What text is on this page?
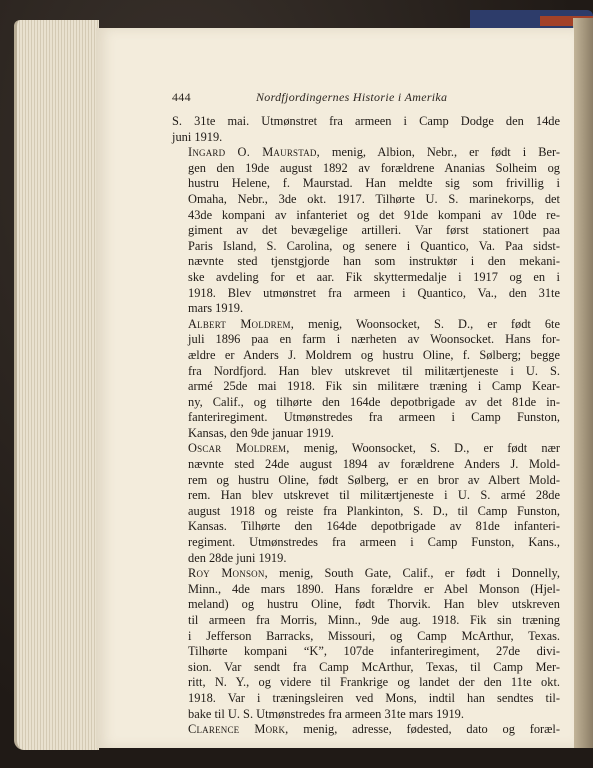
444	Nordfjordingernes Historie i Amerika

S. 31te mai. Utmønstret fra armeen i Camp Dodge den 14de
juni 1919.

Ingard O. Maurstad, menig, Albion, Nebr., er født i Ber-
gen den 19de august 1892 av forældrene Ananias Solheim og
hustru Helene, f. Maurstad. Han meldte sig som frivillig i
Omaha, Nebr., 3de okt. 1917. Tilhørte U. S. marinekorps, det
43de kompani av infanteriet og det 91de kompani av 10de re-
giment av det bevægelige artilleri. Var først stationert paa
Paris Island, S. Carolina, og senere i Quantico, Va. Paa sidst-
nævnte sted tjenstgjorde han som instruktør i den mekani-
ske avdeling for et aar. Fik skyttermedalje i 1917 og en i
1918. Blev utmønstret fra armeen i Quantico, Va., den 31te
mars 1919.

Albert Moldrem, menig, Woonsocket, S. D., er født 6te
juli 1896 paa en farm i nærheten av Woonsocket. Hans for-
ældre er Anders J. Moldrem og hustru Oline, f. Sølberg; begge
fra Nordfjord. Han blev utskrevet til militærtjeneste i U. S.
armé 25de mai 1918. Fik sin militære træning i Camp Kear-
ny, Calif., og tilhørte den 164de depotbrigade av det 81de in-
fanteriregiment. Utmønstredes fra armeen i Camp Funston,
Kansas, den 9de januar 1919.

Oscar Moldrem, menig, Woonsocket, S. D., er født nær
nævnte sted 24de august 1894 av forældrene Anders J. Mold-
rem og hustru Oline, født Sølberg, er en bror av Albert Mold-
rem. Han blev utskrevet til militærtjeneste i U. S. armé 28de
august 1918 og reiste fra Plankinton, S. D., til Camp Funston,
Kansas. Tilhørte den 164de depotbrigade av 81de infanteri-
regiment. Utmønstredes fra armeen i Camp Funston, Kans.,
den 28de juni 1919.

Roy Monson, menig, South Gate, Calif., er født i Donnelly,
Minn., 4de mars 1890. Hans forældre er Abel Monson (Hjel-
meland) og hustru Oline, født Thorvik. Han blev utskreven
til armeen fra Morris, Minn., 9de aug. 1918. Fik sin træning
i Jefferson Barracks, Missouri, og Camp McArthur, Texas.
Tilhørte kompani “K”, 107de infanteriregiment, 27de divi-
sion. Var sendt fra Camp McArthur, Texas, til Camp Mer-
ritt, N. Y., og videre til Frankrige og landet der den 11te okt.
1918. Var i træningsleiren ved Mons, indtil han sendtes til-
bake til U. S. Utmønstredes fra armeen 31te mars 1919.

Clarence Mork, menig, adresse, fødested, dato og foræl-
